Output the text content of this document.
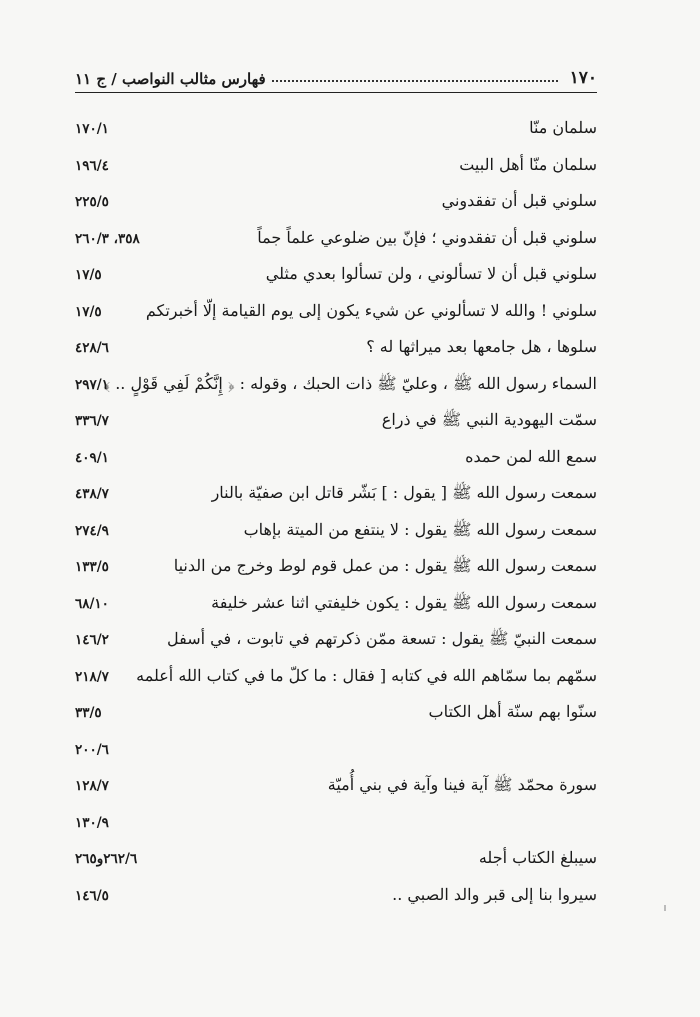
١٧٠
فهارس مثالب النواصب / ج ١١
سلمان منّا
١٧٠/١
سلمان منّا أهل البيت
١٩٦/٤
سلوني قبل أن تفقدوني
٢٢٥/٥
سلوني قبل أن تفقدوني ؛ فإنّ بين ضلوعي علماً جماً
٣٥٨، ٢٦٠/٣
سلوني قبل أن لا تسألوني ، ولن تسألوا بعدي مثلي
١٧/٥
سلوني ! والله لا تسألوني عن شيء يكون إلى يوم القيامة إلّا أخبرتكم
١٧/٥
سلوها ، هل جامعها بعد ميراثها له ؟
٤٢٨/٦
السماء رسول الله ﷺ ، وعليّ ﷺ ذات الحبك ، وقوله : ﴿ إِنَّكُمْ لَفِي قَوْلٍ .. ﴾
٢٩٧/١
سمّت اليهودية النبي ﷺ في ذراع
٣٣٦/٧
سمع الله لمن حمده
٤٠٩/١
سمعت رسول الله ﷺ [ يقول : ] بَشّر قاتل ابن صفيّة بالنار
٤٣٨/٧
سمعت رسول الله ﷺ يقول : لا ينتفع من الميتة بإهاب
٢٧٤/٩
سمعت رسول الله ﷺ يقول : من عمل قوم لوط وخرج من الدنيا
١٣٣/٥
سمعت رسول الله ﷺ يقول : يكون خليفتي اثنا عشر خليفة
٦٨/١٠
سمعت النبيّ ﷺ يقول : تسعة ممّن ذكرتهم في تابوت ، في أسفل
١٤٦/٢
سمّهم بما سمّاهم الله في كتابه [ فقال : ما كلّ ما في كتاب الله أعلمه
٢١٨/٧
سنّوا بهم سنّة أهل الكتاب
٣٣/٥
٢٠٠/٦
سورة محمّد ﷺ آية فينا وآية في بني أُميّة
١٢٨/٧
١٣٠/٩
سيبلغ الكتاب أجله
٢٦٢/٦و٢٦٥
سيروا بنا إلى قبر والد الصبي ..
١٤٦/٥
